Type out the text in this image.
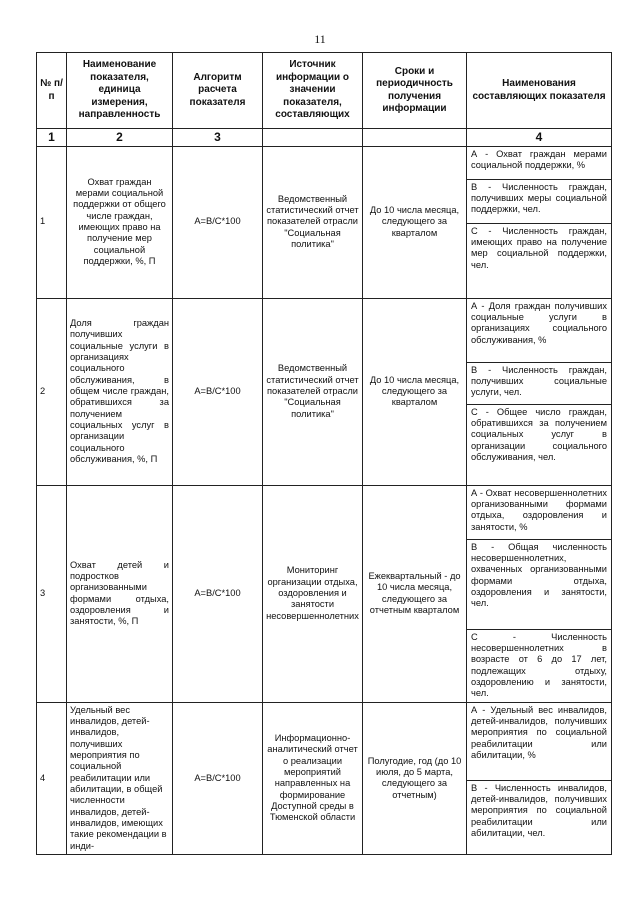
11
№ п/п	Наименование показателя, единица измерения, направленность	Алгоритм расчета показателя	Источник информации о значении показателя, составляющих	Сроки и периодичность получения информации	Наименования составляющих показателя
1	2	3			4
1	Охват граждан мерами социальной поддержки от общего числе граждан, имеющих право на получение мер социальной поддержки, %, П	A=B/C*100	Ведомственный статистический отчет показателей отрасли "Социальная политика"	До 10 числа месяца, следующего за кварталом	А - Охват граждан мерами социальной поддержки, %
В - Численность граждан, получивших меры социальной поддержки, чел.
С - Численность граждан, имеющих право на получение мер социальной поддержки, чел.

2	Доля граждан получивших социальные услуги в организациях социального обслуживания, в общем числе граждан, обратившихся за получением социальных услуг в организации социального обслуживания, %, П	A=B/C*100	Ведомственный статистический отчет показателей отрасли "Социальная политика"	До 10 числа месяца, следующего за кварталом	А - Доля граждан получивших социальные услуги в организациях социального обслуживания, %
В - Численность граждан, получивших социальные услуги, чел.
С - Общее число граждан, обратившихся за получением социальных услуг в организации социального обслуживания, чел.

3	Охват детей и подростков организованными формами отдыха, оздоровления и занятости, %, П	A=B/C*100	Мониторинг организации отдыха, оздоровления и занятости несовершеннолетних	Ежеквартальный - до 10 числа месяца, следующего за отчетным кварталом	А - Охват несовершеннолетних организованными формами отдыха, оздоровления и занятости, %
В - Общая численность несовершеннолетних, охваченных организованными формами отдыха, оздоровления и занятости, чел.
С - Численность несовершеннолетних в возрасте от 6 до 17 лет, подлежащих отдыху, оздоровлению и занятости, чел.

4	Удельный вес инвалидов, детей-инвалидов, получивших мероприятия по социальной реабилитации или абилитации, в общей численности инвалидов, детей-инвалидов, имеющих такие рекомендации в инди-	A=B/C*100	Информационно-аналитический отчет о реализации мероприятий направленных на формирование Доступной среды в Тюменской области	Полугодие, год (до 10 июля, до 5 марта, следующего за отчетным)	А - Удельный вес инвалидов, детей-инвалидов, получивших мероприятия по социальной реабилитации или абилитации, %
В - Численность инвалидов, детей-инвалидов, получивших мероприятия по социальной реабилитации или абилитации, чел.
